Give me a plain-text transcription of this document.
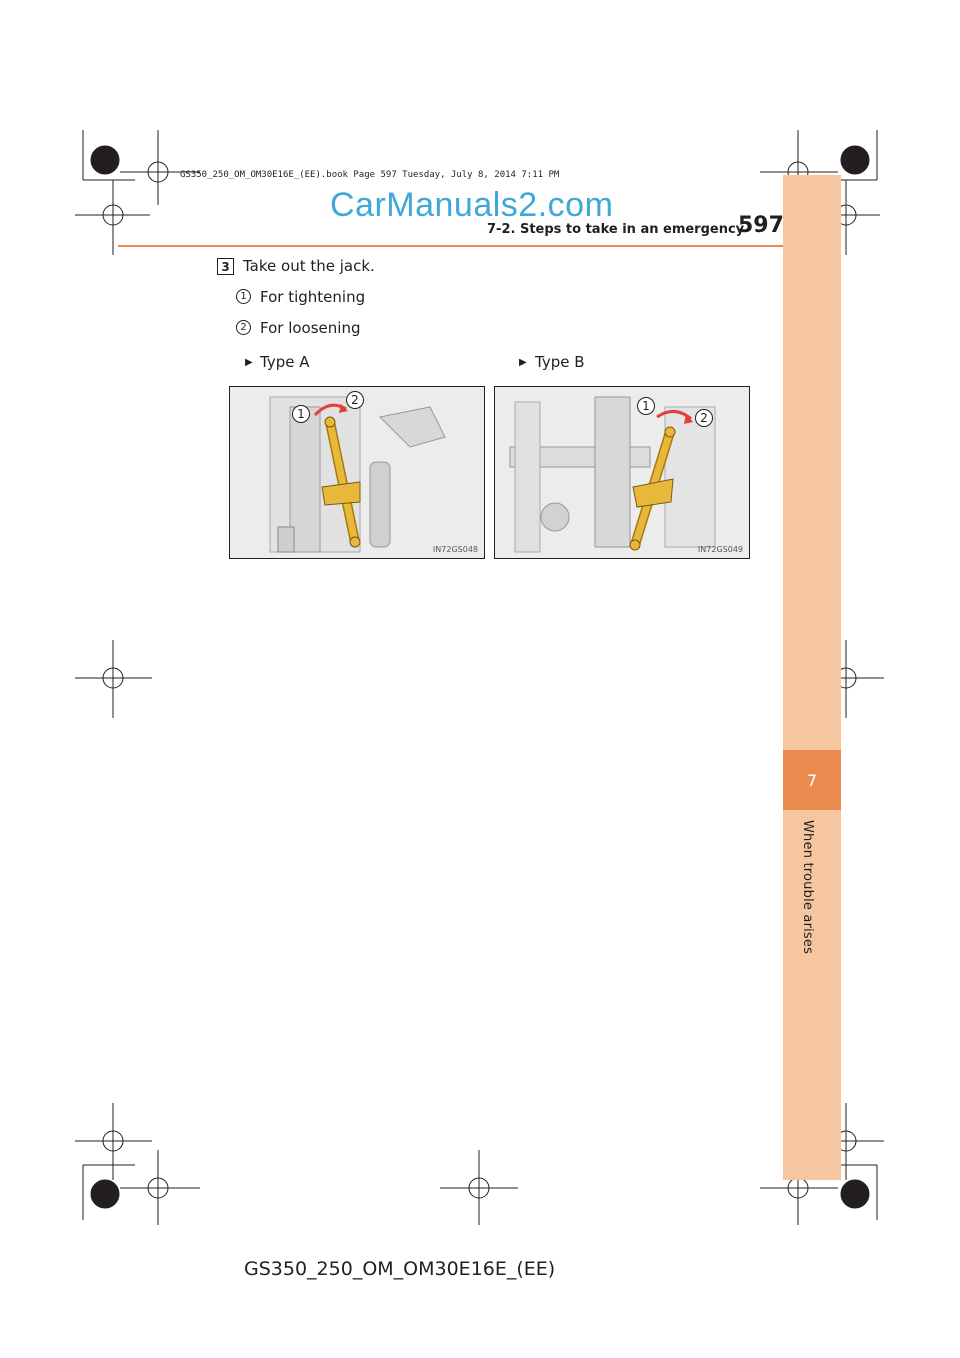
7
When trouble arises
GS350_250_OM_OM30E16E_(EE).book Page 597 Tuesday, July 8, 2014 7:11 PM
CarManuals2.com
7-2. Steps to take in an emergency
597
3 Take out the jack.
1 For tightening
2 For loosening
▶ Type A	▶ Type B
1
2
IN72GS048
1
2
IN72GS049
GS350_250_OM_OM30E16E_(EE)
